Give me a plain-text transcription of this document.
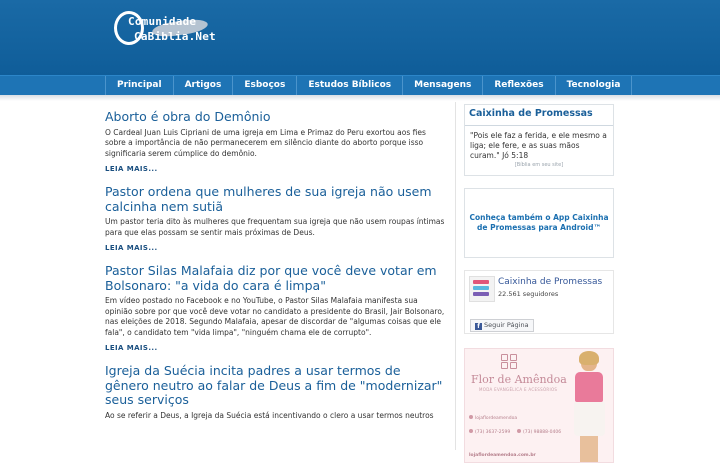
Comunidade
CaBiblia.Net
Principal	Artigos	Esboços	Estudos Bíblicos	Mensagens	Reflexões	Tecnologia
Aborto é obra do Demônio

O Cardeal Juan Luis Cipriani de uma igreja em Lima e Primaz do Peru exortou aos fies sobre a importância de não permanecerem em silêncio diante do aborto porque isso significaria serem cúmplice do demônio.

LEIA MAIS...
Pastor ordena que mulheres de sua igreja não usem calcinha nem sutiã

Um pastor teria dito às mulheres que frequentam sua igreja que não usem roupas íntimas para que elas possam se sentir mais próximas de Deus.

LEIA MAIS...
Pastor Silas Malafaia diz por que você deve votar em Bolsonaro: "a vida do cara é limpa"

Em vídeo postado no Facebook e no YouTube, o Pastor Silas Malafaia manifesta sua opinião sobre por que você deve votar no candidato a presidente do Brasil, Jair Bolsonaro, nas eleições de 2018. Segundo Malafaia, apesar de discordar de "algumas coisas que ele fala", o candidato tem "vida limpa", "ninguém chama ele de corrupto".

LEIA MAIS...
Igreja da Suécia incita padres a usar termos de gênero neutro ao falar de Deus a fim de "modernizar" seus serviços

Ao se referir a Deus, a Igreja da Suécia está incentivando o clero a usar termos neutros

Caixinha de Promessas
"Pois ele faz a ferida, e ele mesmo a liga; ele fere, e as suas mãos curam." Jó 5:18
[Bíblia em seu site]
Conheça também o App Caixinha de Promessas para Android™
Caixinha de Promessas
22.561 seguidores
f Seguir Página
Flor de Amêndoa
MODA EVANGÉLICA E ACESSÓRIOS
lojaflordeamendoa
(73) 3637-2599	(73) 98888-0406
lojaflordeamendoa.com.br
